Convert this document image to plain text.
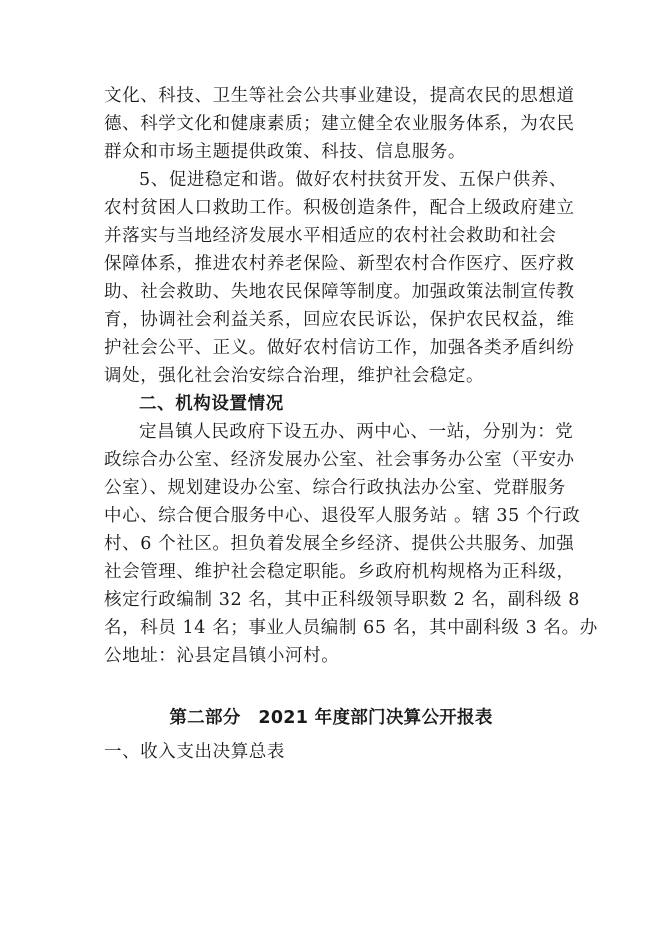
文化、科技、卫生等社会公共事业建设，提高农民的思想道
德、科学文化和健康素质；建立健全农业服务体系，为农民
群众和市场主题提供政策、科技、信息服务。
5、促进稳定和谐。做好农村扶贫开发、五保户供养、
农村贫困人口救助工作。积极创造条件，配合上级政府建立
并落实与当地经济发展水平相适应的农村社会救助和社会
保障体系，推进农村养老保险、新型农村合作医疗、医疗救
助、社会救助、失地农民保障等制度。加强政策法制宣传教
育，协调社会利益关系，回应农民诉讼，保护农民权益，维
护社会公平、正义。做好农村信访工作，加强各类矛盾纠纷
调处，强化社会治安综合治理，维护社会稳定。
二、机构设置情况
定昌镇人民政府下设五办、两中心、一站，分别为：党
政综合办公室、经济发展办公室、社会事务办公室（平安办
公室）、规划建设办公室、综合行政执法办公室、党群服务
中心、综合便合服务中心、退役军人服务站 。辖 35 个行政
村、6 个社区。担负着发展全乡经济、提供公共服务、加强
社会管理、维护社会稳定职能。乡政府机构规格为正科级，
核定行政编制 32 名，其中正科级领导职数 2 名，副科级 8
名，科员 14 名；事业人员编制 65 名，其中副科级 3 名。办
公地址：沁县定昌镇小河村。
第二部分　2021 年度部门决算公开报表
一、收入支出决算总表
